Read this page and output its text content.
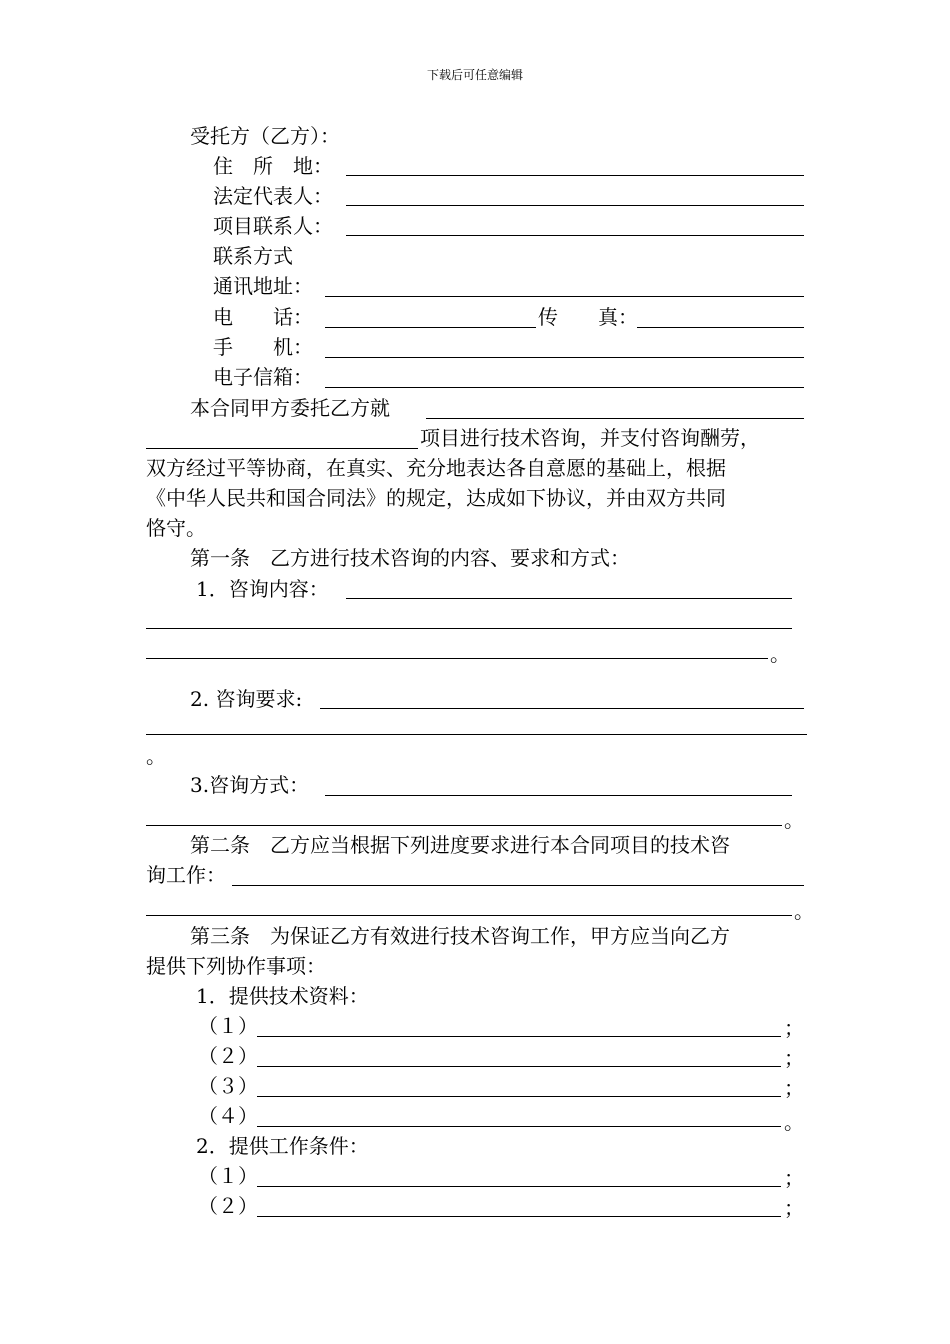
下载后可任意编辑
受托方（乙方）：
住　所　地：
法定代表人：
项目联系人：
联系方式
通讯地址：
电　　话：	传　　真：
手　　机：
电子信箱：
本合同甲方委托乙方就
项目进行技术咨询，并支付咨询酬劳，
双方经过平等协商，在真实、充分地表达各自意愿的基础上，根据
《中华人民共和国合同法》的规定，达成如下协议，并由双方共同
恪守。
第一条　乙方进行技术咨询的内容、要求和方式：
1．咨询内容：
。
2. 咨询要求:
。
3.咨询方式：
。
第二条　乙方应当根据下列进度要求进行本合同项目的技术咨
询工作：
。
第三条　为保证乙方有效进行技术咨询工作，甲方应当向乙方
提供下列协作事项：
1．提供技术资料：
（１）	；
（２）	；
（３）	；
（４）	。
2．提供工作条件：
（１）	；
（２）	；
